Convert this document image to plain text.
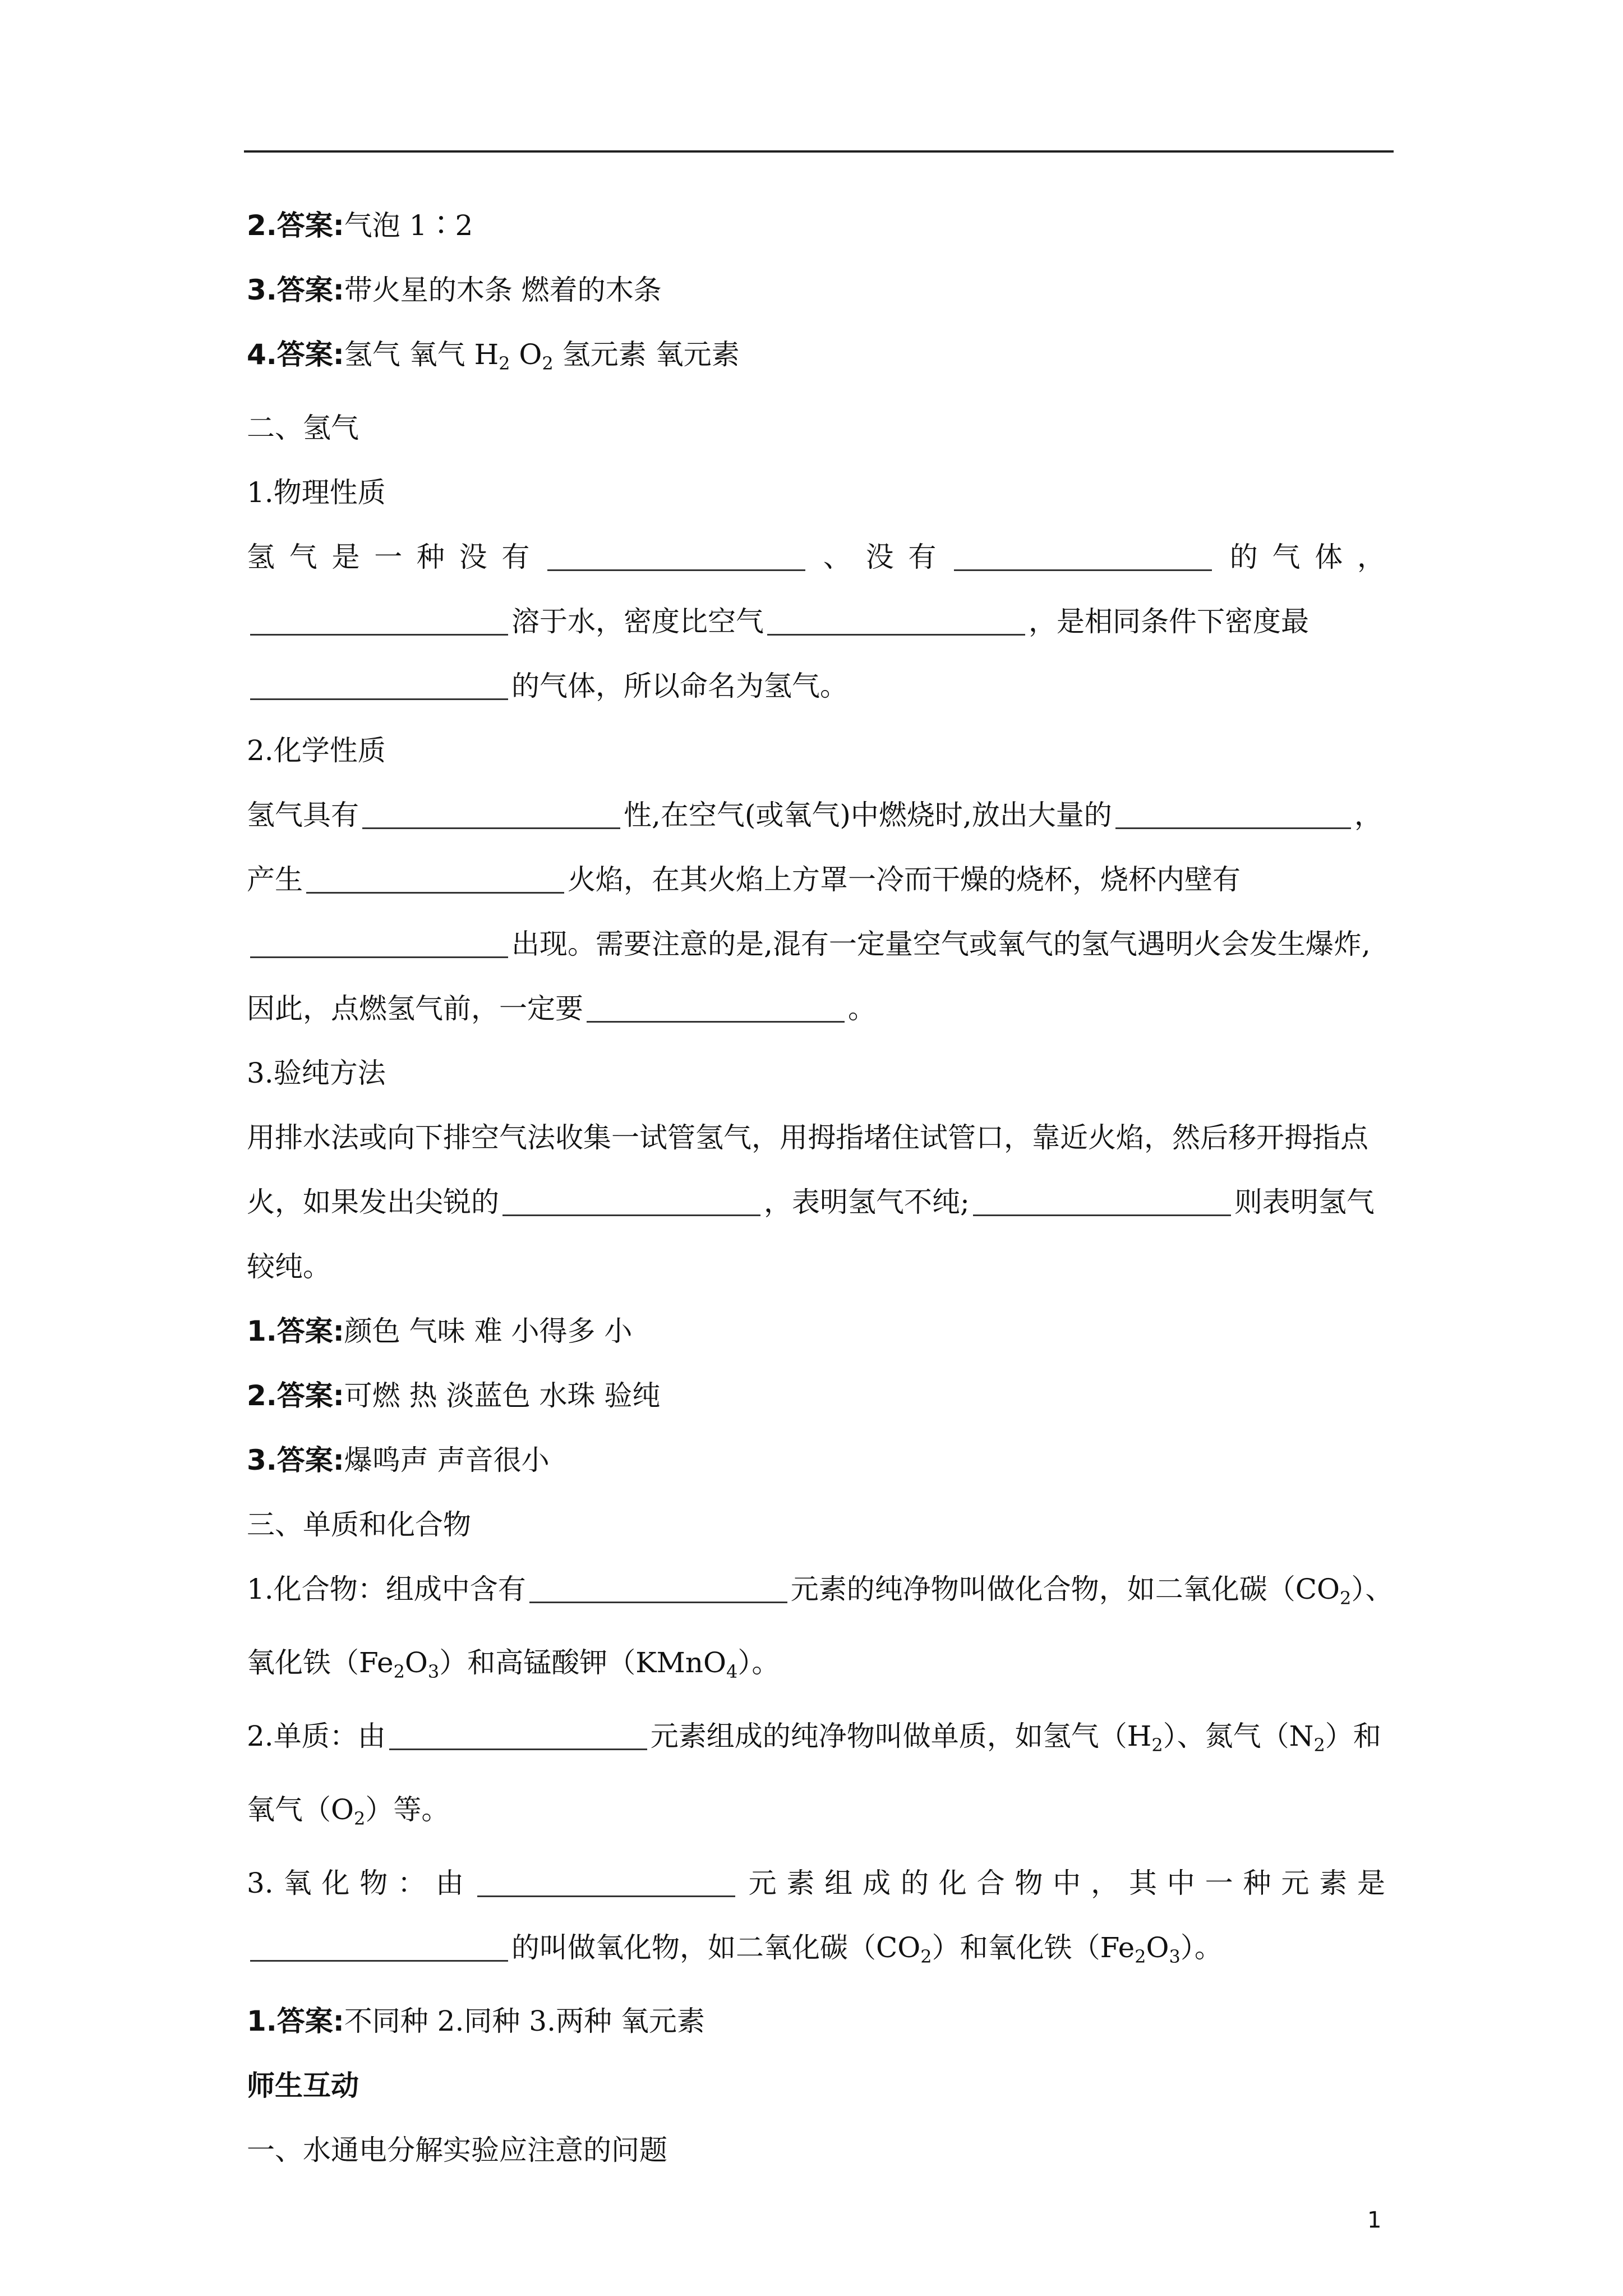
2.答案:气泡 1∶2

3.答案:带火星的木条 燃着的木条

4.答案:氢气 氧气 $H_2$ $O_2$ 氢元素 氧元素

二、氢气

1.物理性质

氢气是一种没有	、没有	的气体，

溶于水，密度比空气	，是相同条件下密度最

的气体，所以命名为氢气。

2.化学性质

氢气具有	性,在空气(或氧气)中燃烧时,放出大量的	，

产生	火焰，在其火焰上方罩一冷而干燥的烧杯，烧杯内壁有

出现。需要注意的是,混有一定量空气或氧气的氢气遇明火会发生爆炸,

因此，点燃氢气前，一定要	。

3.验纯方法

用排水法或向下排空气法收集一试管氢气，用拇指堵住试管口，靠近火焰，然后移开拇指点

火，如果发出尖锐的	，表明氢气不纯;	则表明氢气

较纯。

1.答案:颜色 气味 难 小得多 小

2.答案:可燃 热 淡蓝色 水珠 验纯

3.答案:爆鸣声 声音很小

三、单质和化合物

1.化合物：组成中含有	元素的纯净物叫做化合物，如二氧化碳$(CO_2)$、

氧化铁$(Fe_2O_3)$和高锰酸钾（KMnO$_4$）。

2.单质：由	元素组成的纯净物叫做单质，如氢气$(H_2)$、氮气$(N_2)$和

氧气$(O_2)$等。

3.氧化物：由	元素组成的化合物中，其中一种元素是

的叫做氧化物，如二氧化碳$(CO_2)$和氧化铁$(Fe_2O_3)$。

1.答案:不同种 2.同种 3.两种 氧元素

师生互动

一、水通电分解实验应注意的问题

1
